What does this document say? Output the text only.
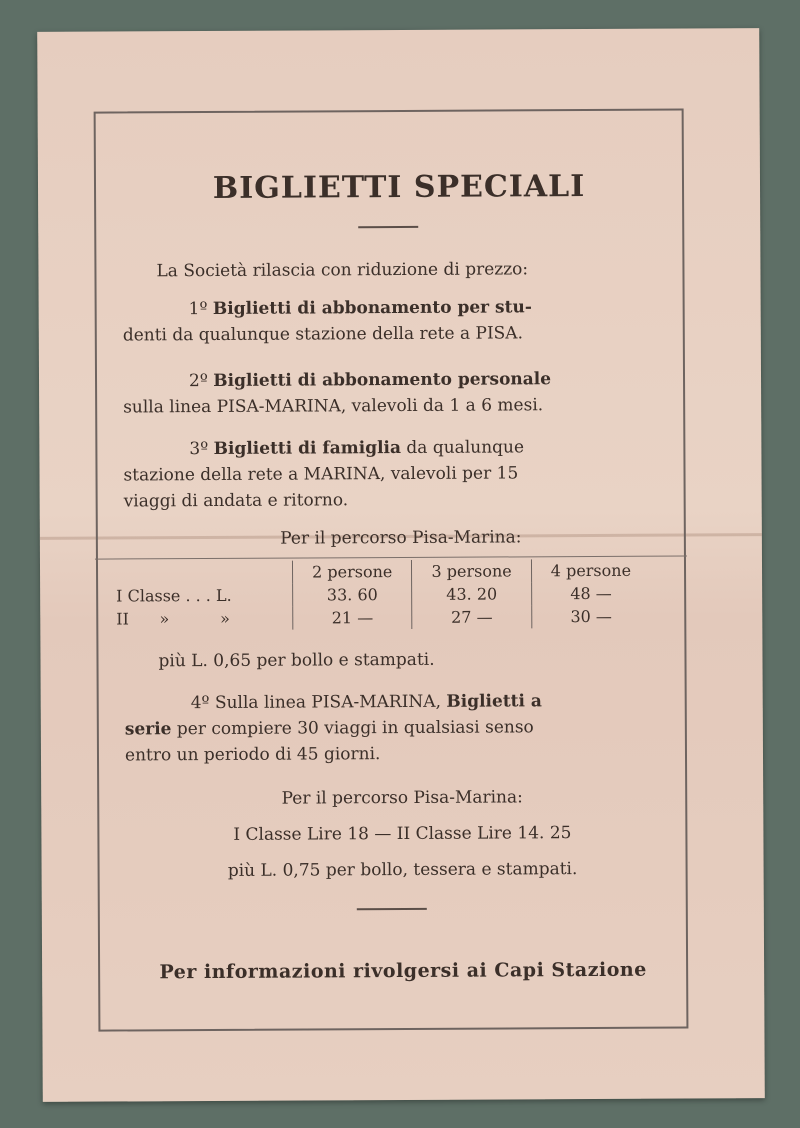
BIGLIETTI SPECIALI
La Società rilascia con riduzione di prezzo:
1º Biglietti di abbonamento per stu-
denti da qualunque stazione della rete a PISA.
2º Biglietti di abbonamento personale
sulla linea PISA-MARINA, valevoli da 1 a 6 mesi.
3º Biglietti di famiglia da qualunque
stazione della rete a MARINA, valevoli per 15
viaggi di andata e ritorno.
Per il percorso Pisa-Marina:
	2 persone	3 persone	4 persone
I Classe . . . L.	33. 60	43. 20	48 —
II      »          »	21 —	27 —	30 —
più L. 0,65 per bollo e stampati.
4º Sulla linea PISA-MARINA, Biglietti a
serie per compiere 30 viaggi in qualsiasi senso
entro un periodo di 45 giorni.
Per il percorso Pisa-Marina:
I Classe Lire 18 — II Classe Lire 14. 25
più L. 0,75 per bollo, tessera e stampati.
Per informazioni rivolgersi ai Capi Stazione
